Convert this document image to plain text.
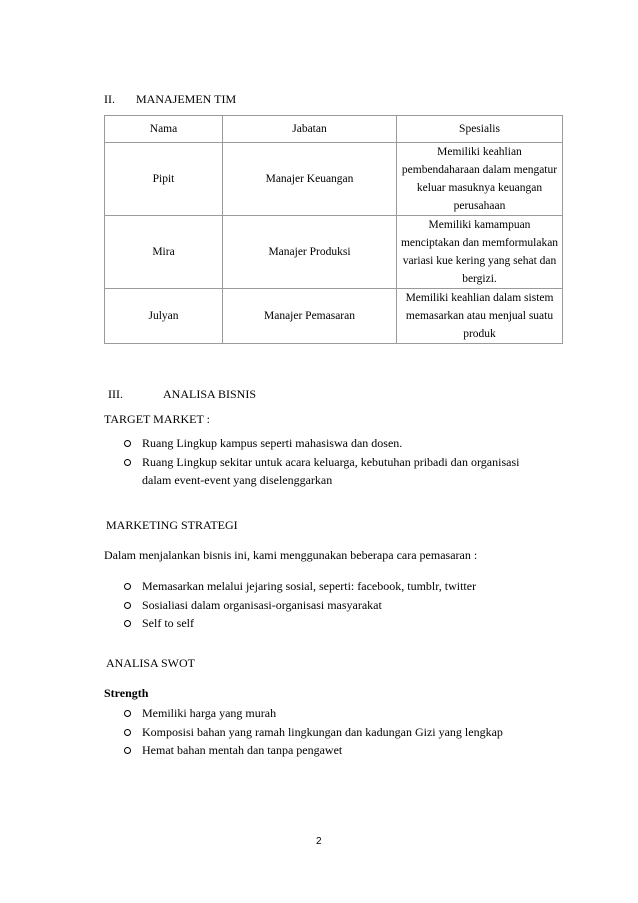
II. MANAJEMEN TIM
Nama	Jabatan	Spesialis
Pipit	Manajer Keuangan	Memiliki keahlian pembendaharaan dalam mengatur keluar masuknya keuangan perusahaan
Mira	Manajer Produksi	Memiliki kamampuan menciptakan dan memformulakan variasi kue kering yang sehat dan bergizi.
Julyan	Manajer Pemasaran	Memiliki keahlian dalam sistem memasarkan atau menjual suatu produk
III.	ANALISA BISNIS
TARGET MARKET :
Ruang Lingkup kampus seperti mahasiswa dan dosen.
Ruang Lingkup sekitar untuk acara keluarga, kebutuhan pribadi dan organisasi dalam event-event yang diselenggarkan
MARKETING STRATEGI
Dalam menjalankan bisnis ini, kami menggunakan beberapa cara pemasaran :
Memasarkan melalui jejaring sosial, seperti: facebook, tumblr, twitter
Sosialiasi dalam organisasi-organisasi masyarakat
Self to self
ANALISA SWOT
Strength
Memiliki harga yang murah
Komposisi bahan yang ramah lingkungan dan kadungan Gizi yang lengkap
Hemat bahan mentah dan tanpa pengawet
2
